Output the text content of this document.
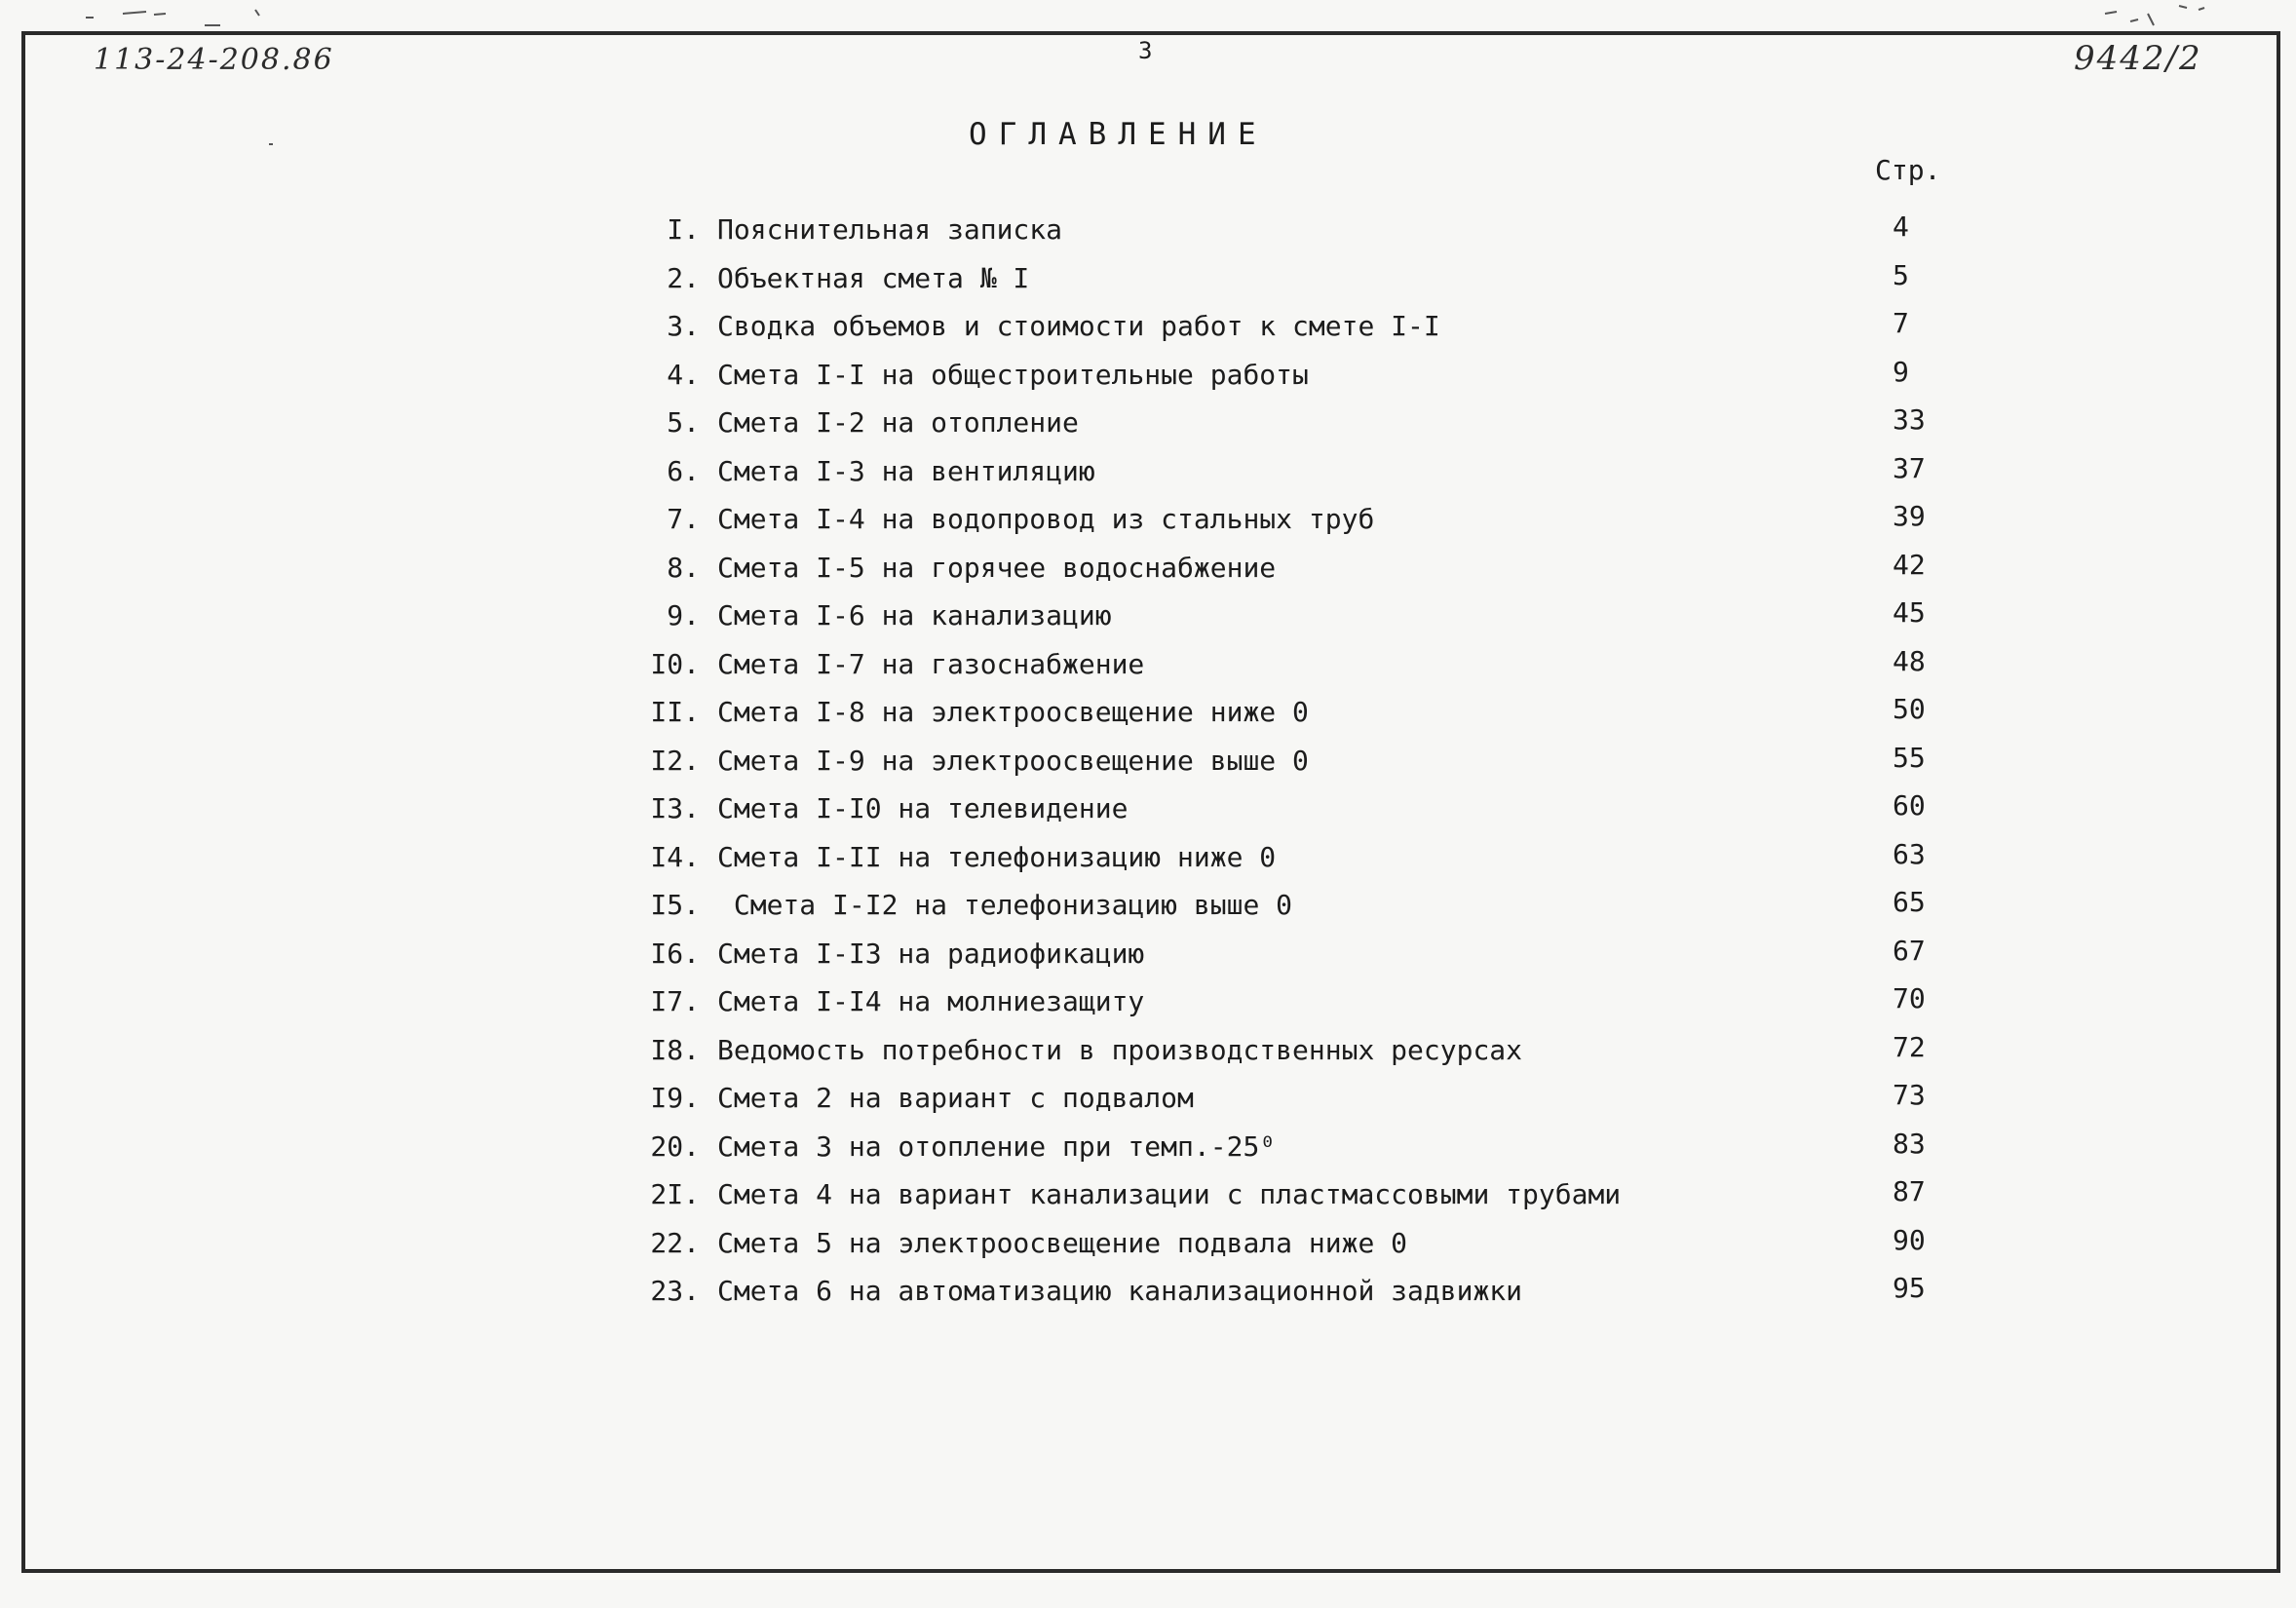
113-24-208.86	3	9442/2
ОГЛАВЛЕНИЕ
Стр.
I. Пояснительная записка	4
2. Объектная смета № I	5
3. Сводка объемов и стоимости работ к смете I-I	7
4. Смета I-I на общестроительные работы	9
5. Смета I-2 на отопление	33
6. Смета I-3 на вентиляцию	37
7. Смета I-4 на водопровод из стальных труб	39
8. Смета I-5 на горячее водоснабжение	42
9. Смета I-6 на канализацию	45
I0. Смета I-7 на газоснабжение	48
II. Смета I-8 на электроосвещение ниже 0	50
I2. Смета I-9 на электроосвещение выше 0	55
I3. Смета I-I0 на телевидение	60
I4. Смета I-II на телефонизацию ниже 0	63
I5. Смета I-I2 на телефонизацию выше 0	65
I6. Смета I-I3 на радиофикацию	67
I7. Смета I-I4 на молниезащиту	70
I8. Ведомость потребности в производственных ресурсах	72
I9. Смета 2 на вариант с подвалом	73
20. Смета 3 на отопление при темп.-25⁰	83
2I. Смета 4 на вариант канализации с пластмассовыми трубами	87
22. Смета 5 на электроосвещение подвала ниже 0	90
23. Смета 6 на автоматизацию канализационной задвижки	95
